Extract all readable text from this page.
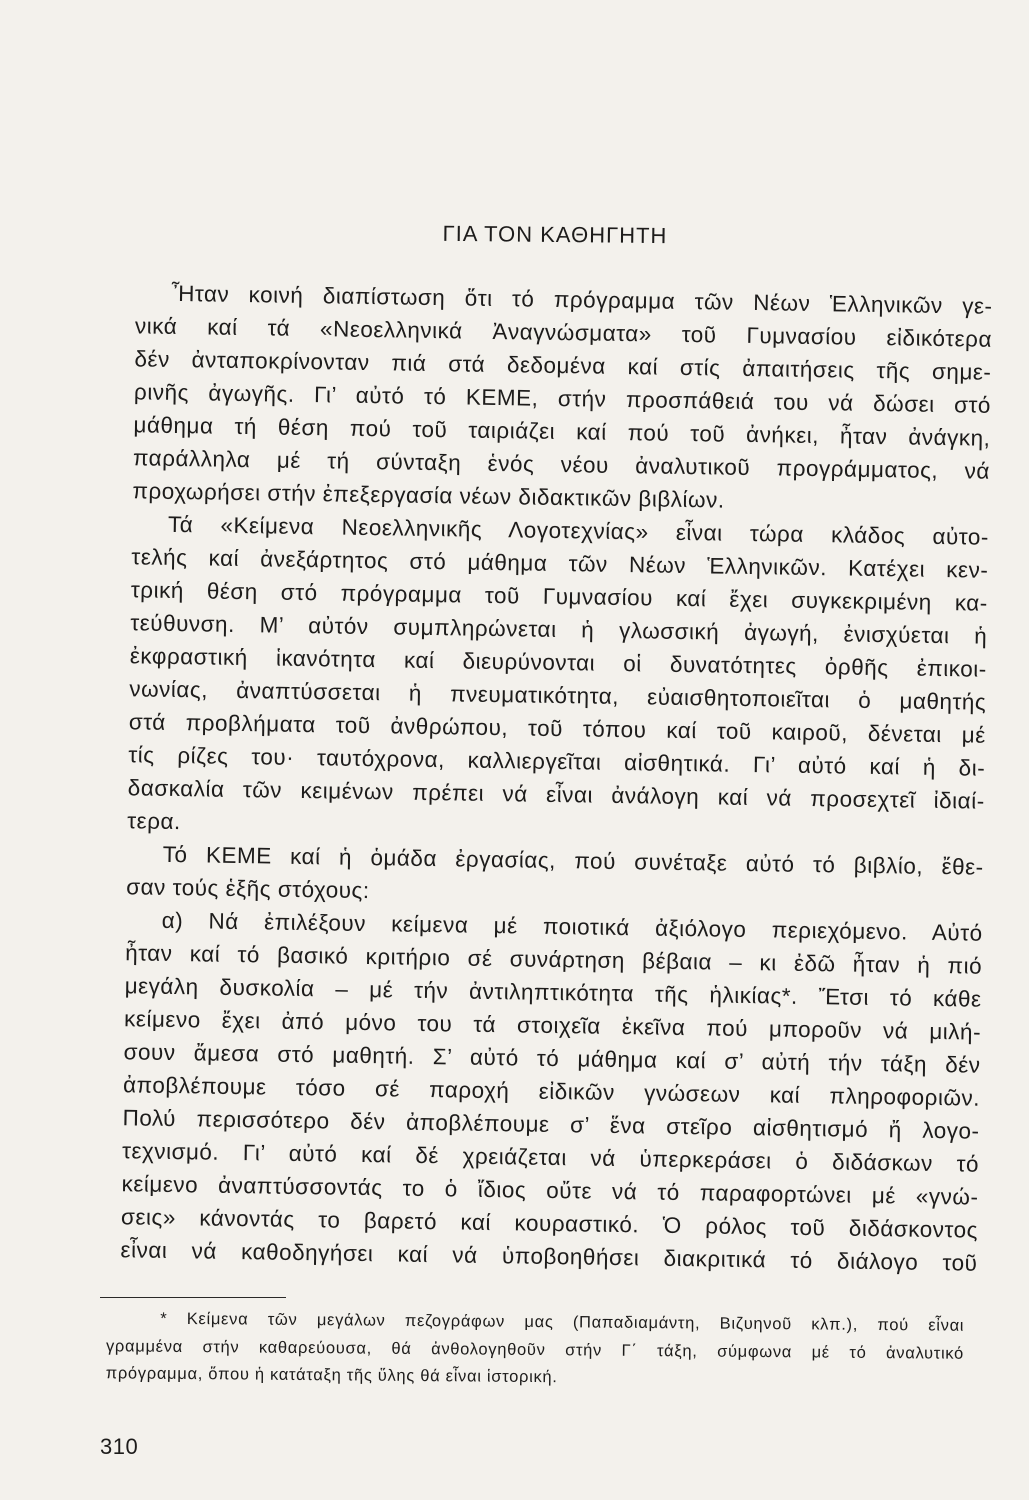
ΓΙΑ ΤΟΝ ΚΑΘΗΓΗΤΗ
Ἦταν κοινή διαπίστωση ὅτι τό πρόγραμμα τῶν Νέων Ἑλληνικῶν γε-
νικά καί τά «Νεοελληνικά Ἀναγνώσματα» τοῦ Γυμνασίου εἰδικότερα
δέν ἀνταποκρίνονταν πιά στά δεδομένα καί στίς ἀπαιτήσεις τῆς σημε-
ρινῆς ἀγωγῆς. Γι’ αὐτό τό ΚΕΜΕ, στήν προσπάθειά του νά δώσει στό
μάθημα τή θέση πού τοῦ ταιριάζει καί πού τοῦ ἀνήκει, ἦταν ἀνάγκη,
παράλληλα μέ τή σύνταξη ἑνός νέου ἀναλυτικοῦ προγράμματος, νά
προχωρήσει στήν ἐπεξεργασία νέων διδακτικῶν βιβλίων.
Τά «Κείμενα Νεοελληνικῆς Λογοτεχνίας» εἶναι τώρα κλάδος αὐτο-
τελής καί ἀνεξάρτητος στό μάθημα τῶν Νέων Ἑλληνικῶν. Κατέχει κεν-
τρική θέση στό πρόγραμμα τοῦ Γυμνασίου καί ἔχει συγκεκριμένη κα-
τεύθυνση. Μ’ αὐτόν συμπληρώνεται ἡ γλωσσική ἀγωγή, ἐνισχύεται ἡ
ἐκφραστική ἱκανότητα καί διευρύνονται οἱ δυνατότητες ὀρθῆς ἐπικοι-
νωνίας, ἀναπτύσσεται ἡ πνευματικότητα, εὐαισθητοποιεῖται ὁ μαθητής
στά προβλήματα τοῦ ἀνθρώπου, τοῦ τόπου καί τοῦ καιροῦ, δένεται μέ
τίς ρίζες του· ταυτόχρονα, καλλιεργεῖται αἰσθητικά. Γι’ αὐτό καί ἡ δι-
δασκαλία τῶν κειμένων πρέπει νά εἶναι ἀνάλογη καί νά προσεχτεῖ ἰδιαί-
τερα.
Τό ΚΕΜΕ καί ἡ ὁμάδα ἐργασίας, πού συνέταξε αὐτό τό βιβλίο, ἔθε-
σαν τούς ἑξῆς στόχους:
α) Νά ἐπιλέξουν κείμενα μέ ποιοτικά ἀξιόλογο περιεχόμενο. Αὐτό
ἦταν καί τό βασικό κριτήριο σέ συνάρτηση βέβαια – κι ἐδῶ ἦταν ἡ πιό
μεγάλη δυσκολία – μέ τήν ἀντιληπτικότητα τῆς ἡλικίας*. Ἔτσι τό κάθε
κείμενο ἔχει ἀπό μόνο του τά στοιχεῖα ἐκεῖνα πού μποροῦν νά μιλή-
σουν ἄμεσα στό μαθητή. Σ’ αὐτό τό μάθημα καί σ’ αὐτή τήν τάξη δέν
ἀποβλέπουμε τόσο σέ παροχή εἰδικῶν γνώσεων καί πληροφοριῶν.
Πολύ περισσότερο δέν ἀποβλέπουμε σ’ ἕνα στεῖρο αἰσθητισμό ἤ λογο-
τεχνισμό. Γι’ αὐτό καί δέ χρειάζεται νά ὑπερκεράσει ὁ διδάσκων τό
κείμενο ἀναπτύσσοντάς το ὁ ἴδιος οὔτε νά τό παραφορτώνει μέ «γνώ-
σεις» κάνοντάς το βαρετό καί κουραστικό. Ὁ ρόλος τοῦ διδάσκοντος
εἶναι νά καθοδηγήσει καί νά ὑποβοηθήσει διακριτικά τό διάλογο τοῦ
* Κείμενα τῶν μεγάλων πεζογράφων μας (Παπαδιαμάντη, Βιζυηνοῦ κλπ.), πού εἶναι
γραμμένα στήν καθαρεύουσα, θά ἀνθολογηθοῦν στήν Γ΄ τάξη, σύμφωνα μέ τό ἀναλυτικό
πρόγραμμα, ὅπου ἡ κατάταξη τῆς ὕλης θά εἶναι ἱστορική.
310
